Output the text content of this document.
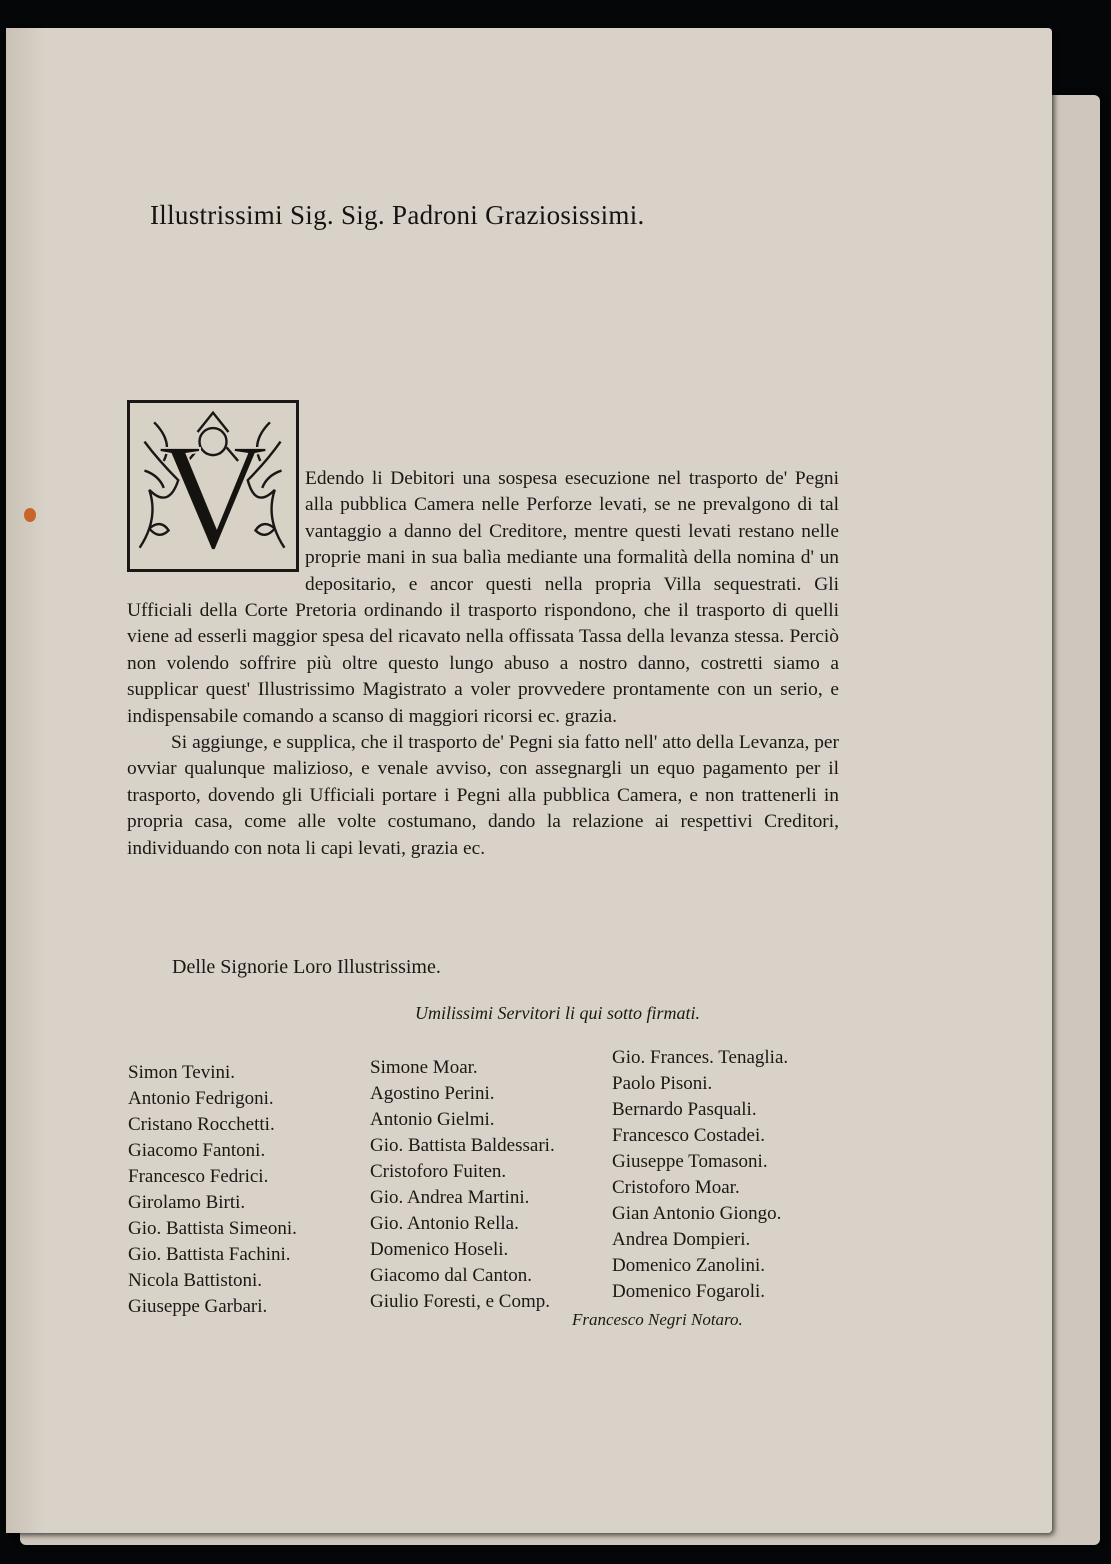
Illustrissimi Sig. Sig. Padroni Graziosissimi.
V	Edendo li Debitori una sospesa esecuzione nel trasporto de' Pegni alla pubblica Camera nelle Perforze levati, se ne prevalgono di tal vantaggio a danno del Creditore, mentre questi levati restano nelle proprie mani in sua balìa mediante una formalità della nomina d' un depositario, e ancor questi nella propria Villa sequestrati. Gli Ufficiali della Corte Pretoria ordinando il trasporto rispondono, che il trasporto di quelli viene ad esserli maggior spesa del ricavato nella offissata Tassa della levanza stessa. Perciò non volendo soffrire più oltre questo lungo abuso a nostro danno, costretti siamo a supplicar quest' Illustrissimo Magistrato a voler provvedere prontamente con un serio, e indispensabile comando a scanso di maggiori ricorsi ec. grazia.

Si aggiunge, e supplica, che il trasporto de' Pegni sia fatto nell' atto della Levanza, per ovviar qualunque malizioso, e venale avviso, con assegnargli un equo pagamento per il trasporto, dovendo gli Ufficiali portare i Pegni alla pubblica Camera, e non trattenerli in propria casa, come alle volte costumano, dando la relazione ai respettivi Creditori, individuando con nota li capi levati, grazia ec.

Delle Signorie Loro Illustrissime.
Umilissimi Servitori li qui sotto firmati.
Simon Tevini.
Antonio Fedrigoni.
Cristano Rocchetti.
Giacomo Fantoni.
Francesco Fedrici.
Girolamo Birti.
Gio. Battista Simeoni.
Gio. Battista Fachini.
Nicola Battistoni.
Giuseppe Garbari.
Simone Moar.
Agostino Perini.
Antonio Gielmi.
Gio. Battista Baldessari.
Cristoforo Fuiten.
Gio. Andrea Martini.
Gio. Antonio Rella.
Domenico Hoseli.
Giacomo dal Canton.
Giulio Foresti, e Comp.
Gio. Frances. Tenaglia.
Paolo Pisoni.
Bernardo Pasquali.
Francesco Costadei.
Giuseppe Tomasoni.
Cristoforo Moar.
Gian Antonio Giongo.
Andrea Dompieri.
Domenico Zanolini.
Domenico Fogaroli.
Francesco Negri Notaro.
